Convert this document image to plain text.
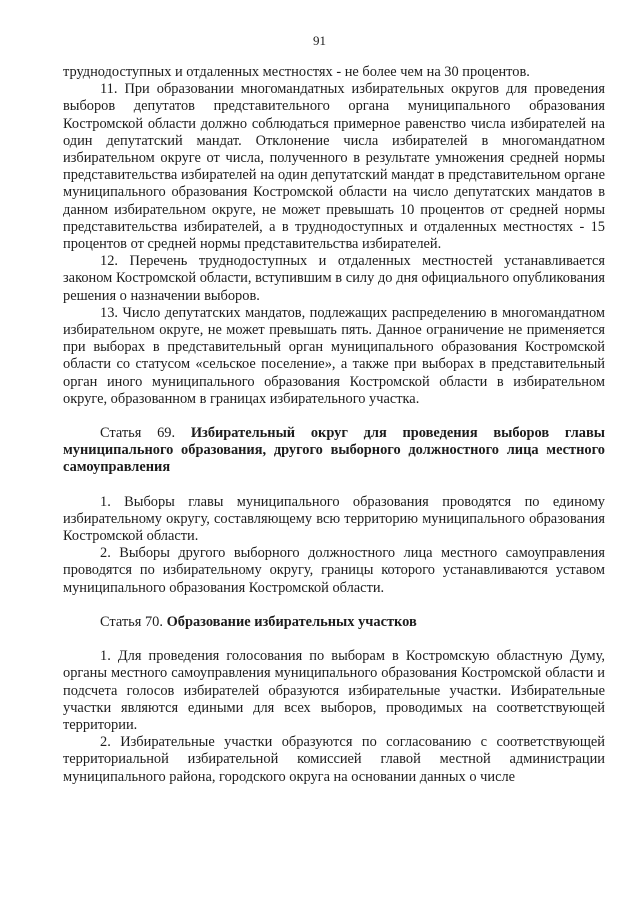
91

труднодоступных и отдаленных местностях - не более чем на 30 процентов.

11. При образовании многомандатных избирательных округов для проведения выборов депутатов представительного органа муниципального образования Костромской области должно соблюдаться примерное равенство числа избирателей на один депутатский мандат. Отклонение числа избирателей в многомандатном избирательном округе от числа, полученного в результате умножения средней нормы представительства избирателей на один депутатский мандат в представительном органе муниципального образования Костромской области на число депутатских мандатов в данном избирательном округе, не может превышать 10 процентов от средней нормы представительства избирателей, а в труднодоступных и отдаленных местностях - 15 процентов от средней нормы представительства избирателей.

12. Перечень труднодоступных и отдаленных местностей устанавливается законом Костромской области, вступившим в силу до дня официального опубликования решения о назначении выборов.

13. Число депутатских мандатов, подлежащих распределению в многомандатном избирательном округе, не может превышать пять. Данное ограничение не применяется при выборах в представительный орган муниципального образования Костромской области со статусом «сельское поселение», а также при выборах в представительный орган иного муниципального образования Костромской области в избирательном округе, образованном в границах избирательного участка.

Статья 69. Избирательный округ для проведения выборов главы муниципального образования, другого выборного должностного лица местного самоуправления

1. Выборы главы муниципального образования проводятся по единому избирательному округу, составляющему всю территорию муниципального образования Костромской области.

2. Выборы другого выборного должностного лица местного самоуправления проводятся по избирательному округу, границы которого устанавливаются уставом муниципального образования Костромской области.

Статья 70. Образование избирательных участков

1. Для проведения голосования по выборам в Костромскую областную Думу, органы местного самоуправления муниципального образования Костромской области и подсчета голосов избирателей образуются избирательные участки. Избирательные участки являются едиными для всех выборов, проводимых на соответствующей территории.

2. Избирательные участки образуются по согласованию с соответствующей территориальной избирательной комиссией главой местной администрации муниципального района, городского округа на основании данных о числе
